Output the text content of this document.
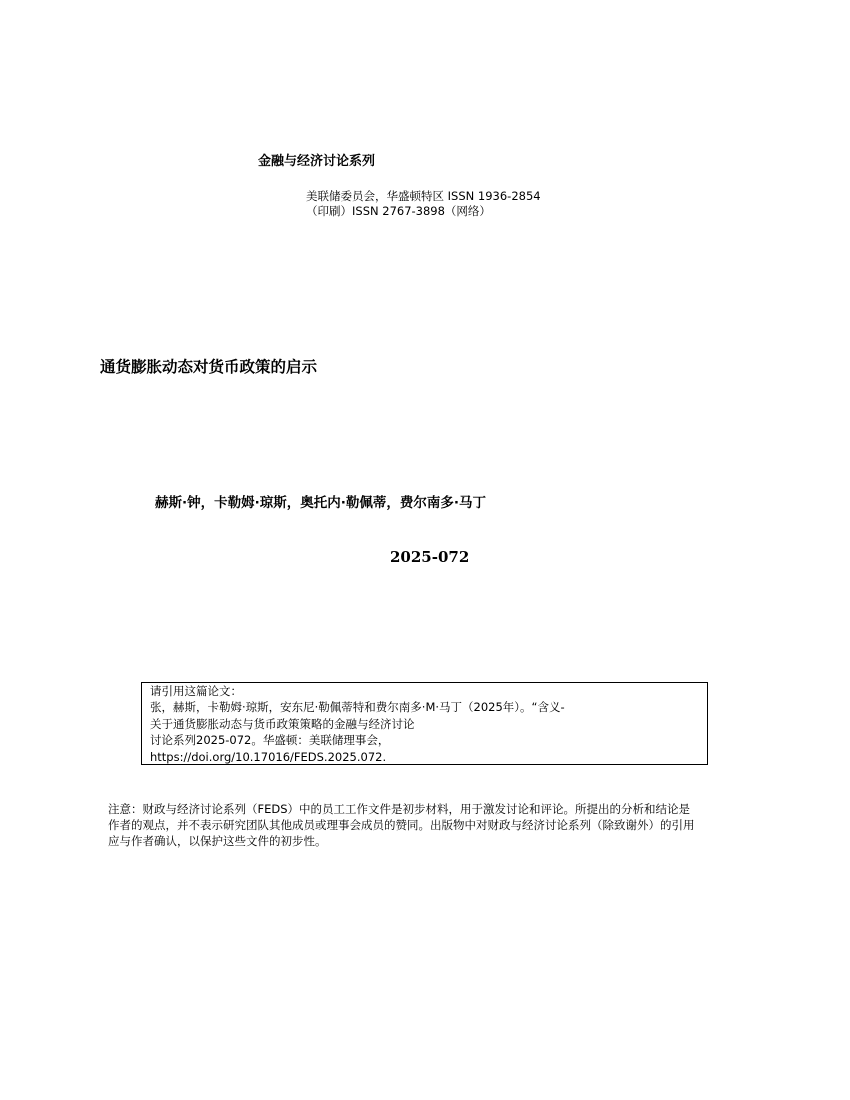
金融与经济讨论系列
美联储委员会，华盛顿特区 ISSN 1936-2854
（印刷）ISSN 2767-3898（网络）
通货膨胀动态对货币政策的启示
赫斯·钟，卡勒姆·琼斯，奥托内·勒佩蒂，费尔南多·马丁
2025-072
请引用这篇论文：
张，赫斯，卡勒姆·琼斯，安东尼·勒佩蒂特和费尔南多·M·马丁（2025年）。“含义-
关于通货膨胀动态与货币政策策略的金融与经济讨论
讨论系列2025-072。华盛顿：美联储理事会，
https://doi.org/10.17016/FEDS.2025.072.
注意：财政与经济讨论系列（FEDS）中的员工工作文件是初步材料，用于激发讨论和评论。所提出的分析和结论是
作者的观点，并不表示研究团队其他成员或理事会成员的赞同。出版物中对财政与经济讨论系列（除致谢外）的引用
应与作者确认，以保护这些文件的初步性。
